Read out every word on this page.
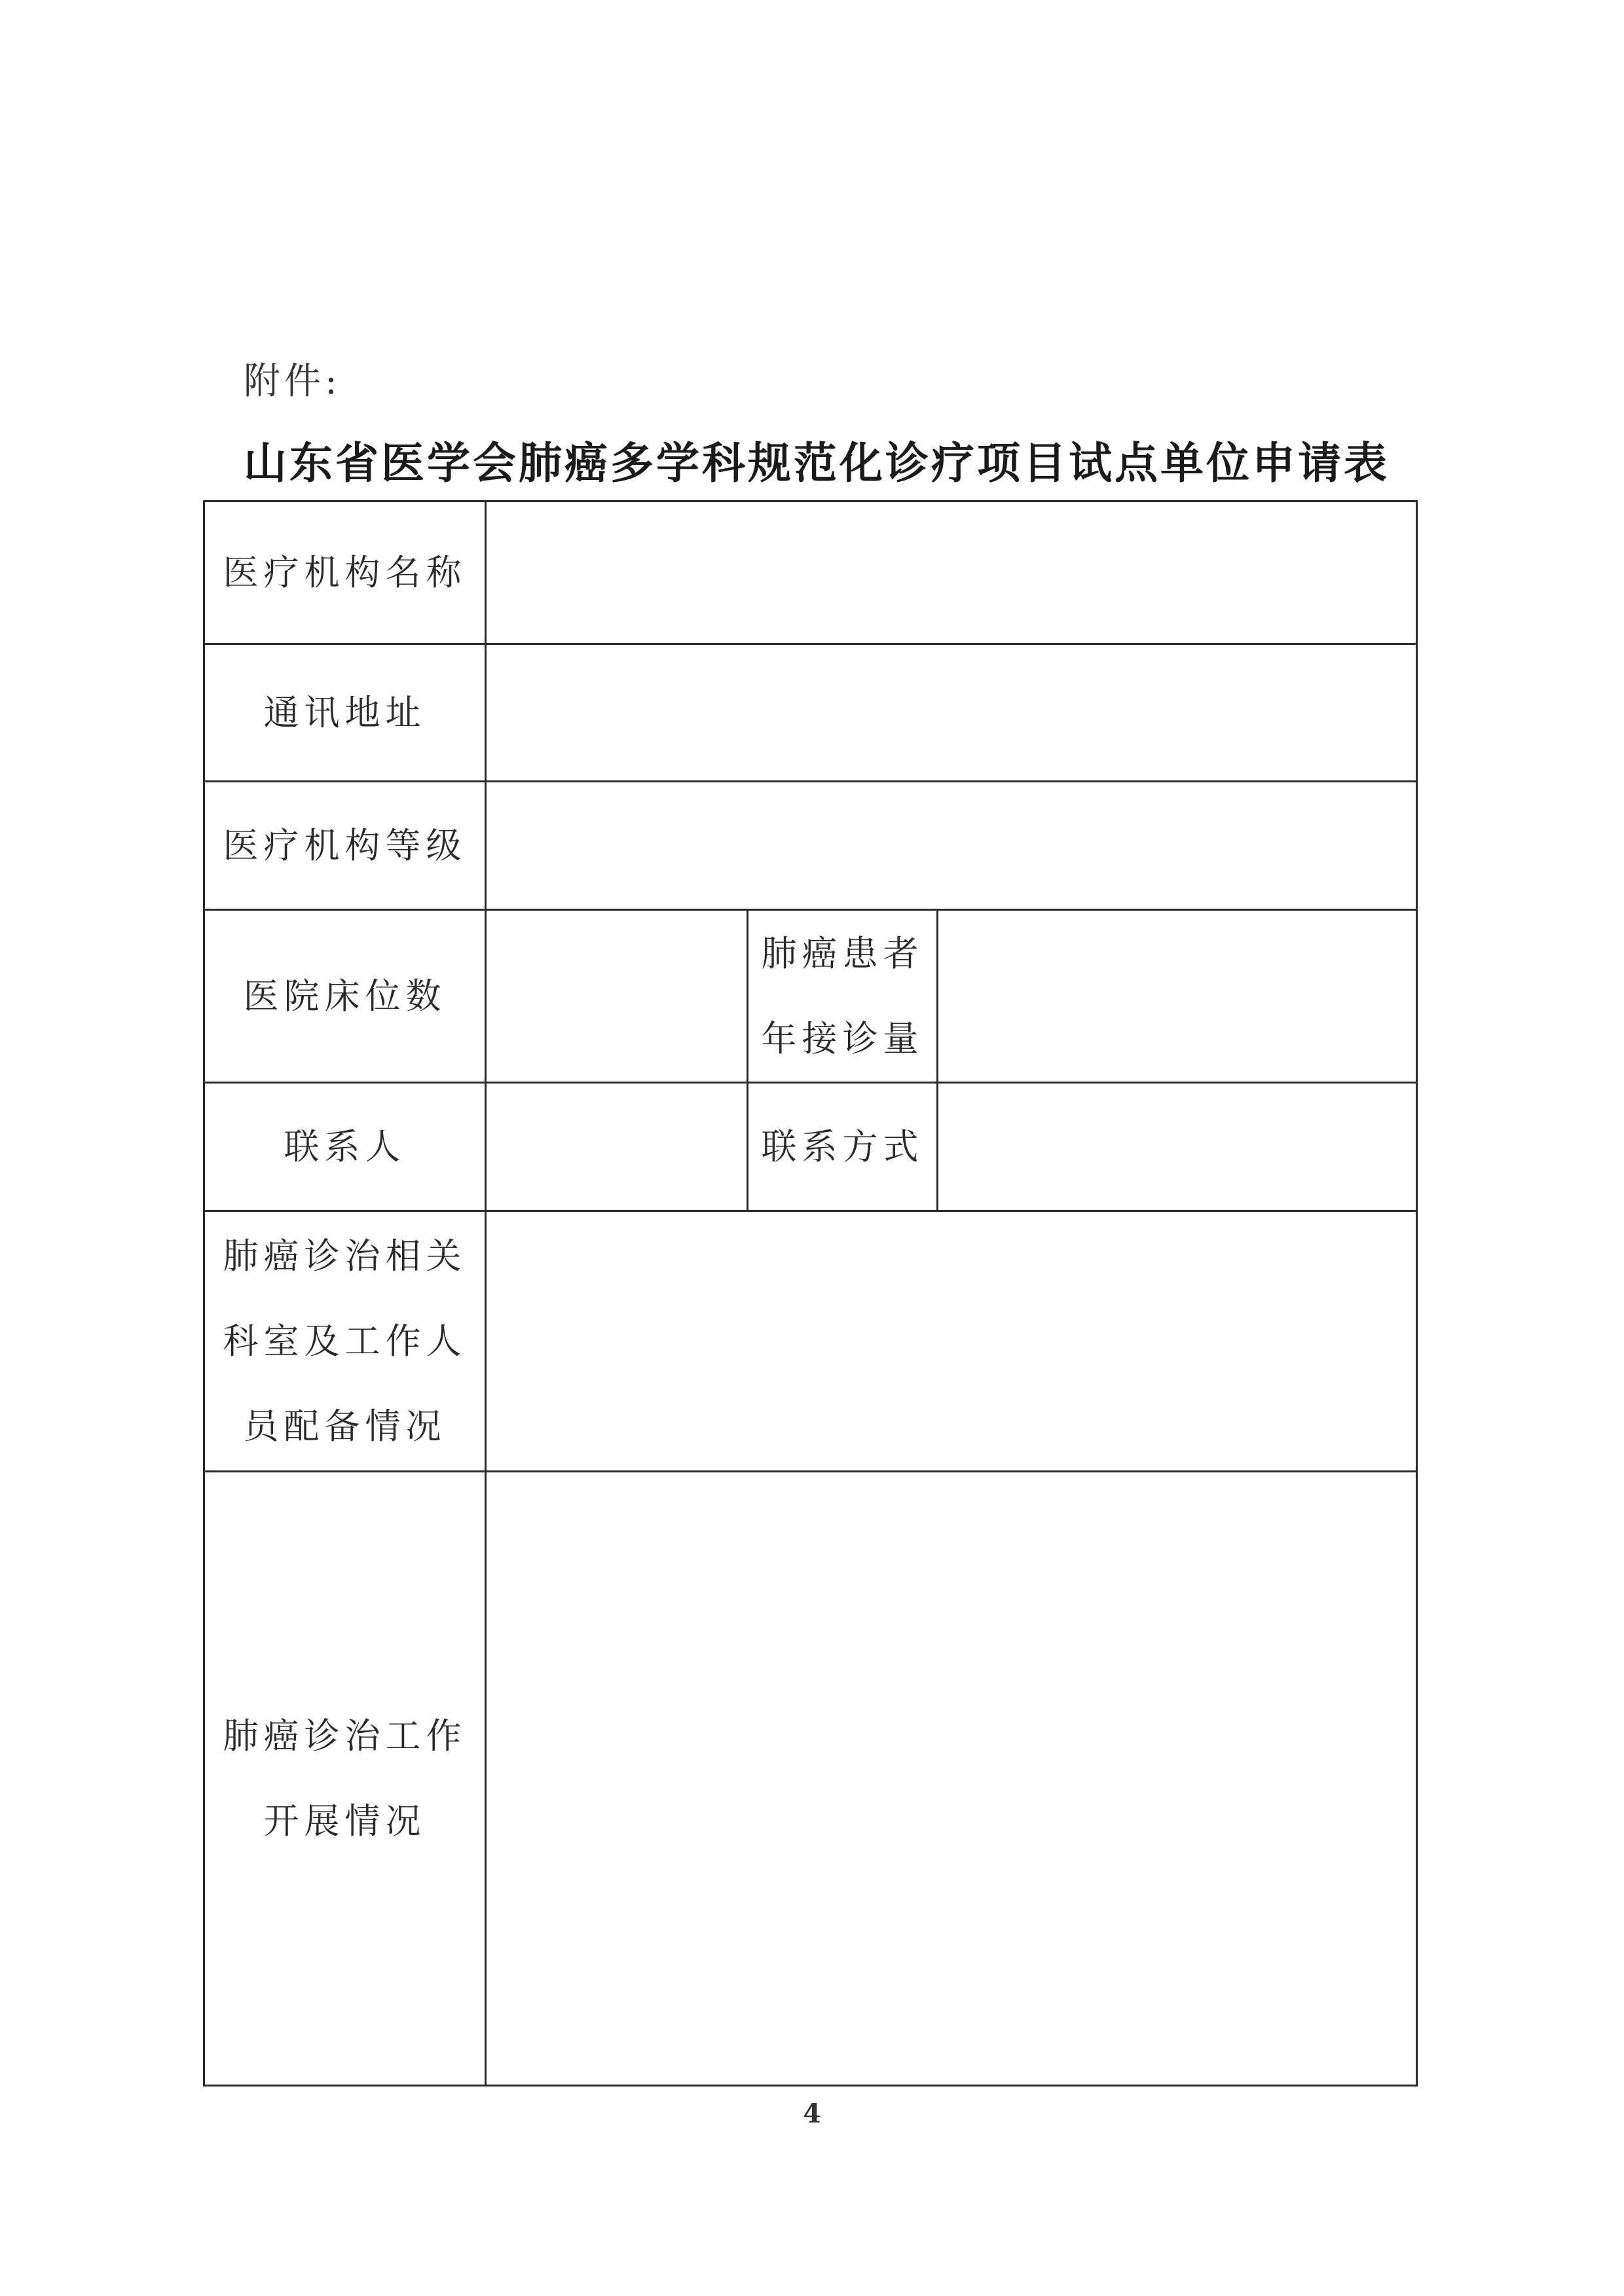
附件:
山东省医学会肺癌多学科规范化诊疗项目试点单位申请表
医疗机构名称			
通讯地址			
医疗机构等级			
医院床位数		肺癌患者
年接诊量	

联系人		联系方式	

肺癌诊治相关
科室及工作人
员配备情况			

肺癌诊治工作
开展情况			

4
